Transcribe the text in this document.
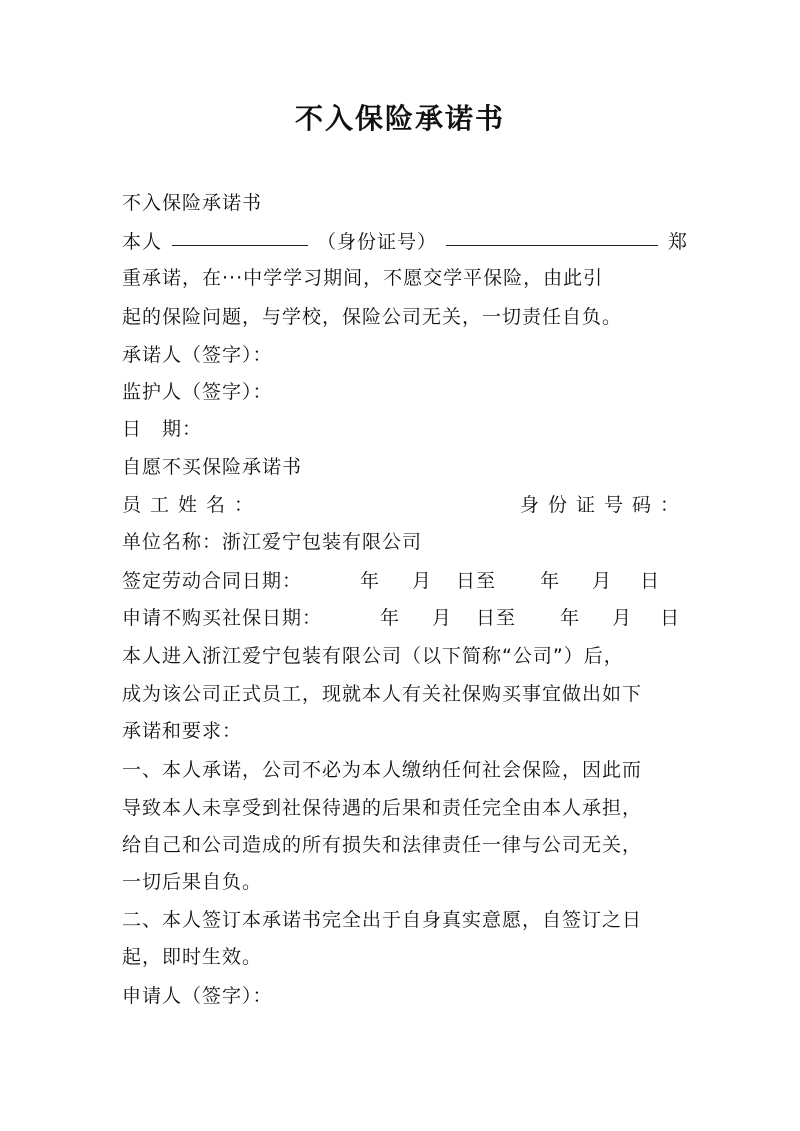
不入保险承诺书
不入保险承诺书
本人	（身份证号）	郑
重承诺，在···中学学习期间，不愿交学平保险，由此引
起的保险问题，与学校，保险公司无关，一切责任自负。
承诺人（签字）：
监护人（签字）：
日　期：
自愿不买保险承诺书
员工姓名：	身份证号码：
单位名称：浙江爱宁包装有限公司
签定劳动合同日期：	年 月 日至 年 月 日
申请不购买社保日期：	年 月 日至 年 月 日
本人进入浙江爱宁包装有限公司（以下简称“公司”）后，
成为该公司正式员工，现就本人有关社保购买事宜做出如下
承诺和要求：
一、本人承诺，公司不必为本人缴纳任何社会保险，因此而
导致本人未享受到社保待遇的后果和责任完全由本人承担，
给自己和公司造成的所有损失和法律责任一律与公司无关，
一切后果自负。
二、本人签订本承诺书完全出于自身真实意愿，自签订之日
起，即时生效。
申请人（签字）：
